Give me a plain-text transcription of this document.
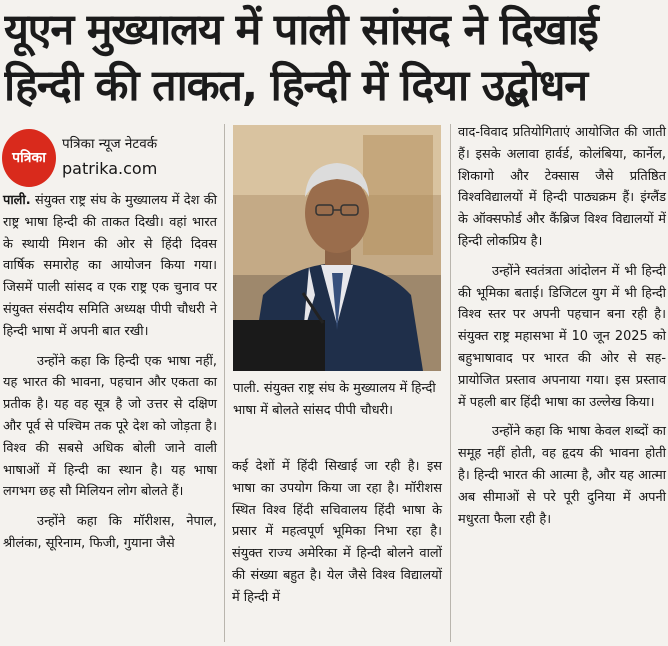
यूएन मुख्यालय में पाली सांसद ने दिखाई
हिन्दी की ताकत, हिन्दी में दिया उद्बोधन
पत्रिका
पत्रिका न्यूज नेटवर्क
patrika.com

पाली. संयुक्त राष्ट्र संघ के मुख्यालय में देश की राष्ट्र भाषा हिन्दी की ताकत दिखी। वहां भारत के स्थायी मिशन की ओर से हिंदी दिवस वार्षिक समारोह का आयोजन किया गया। जिसमें पाली सांसद व एक राष्ट्र एक चुनाव पर संयुक्त संसदीय समिति अध्यक्ष पीपी चौधरी ने हिन्दी भाषा में अपनी बात रखी।

उन्होंने कहा कि हिन्दी एक भाषा नहीं, यह भारत की भावना, पहचान और एकता का प्रतीक है। यह वह सूत्र है जो उत्तर से दक्षिण और पूर्व से पश्चिम तक पूरे देश को जोड़ता है। विश्व की सबसे अधिक बोली जाने वाली भाषाओं में हिन्दी का स्थान है। यह भाषा लगभग छह सौ मिलियन लोग बोलते हैं।

उन्होंने कहा कि मॉरीशस, नेपाल, श्रीलंका, सूरिनाम, फिजी, गुयाना जैसे

पाली. संयुक्त राष्ट्र संघ के मुख्यालय में हिन्दी भाषा में बोलते सांसद पीपी चौधरी।

कई देशों में हिंदी सिखाई जा रही है। इस भाषा का उपयोग किया जा रहा है। मॉरीशस स्थित विश्व हिंदी सचिवालय हिंदी भाषा के प्रसार में महत्वपूर्ण भूमिका निभा रहा है। संयुक्त राज्य अमेरिका में हिन्दी बोलने वालों की संख्या बहुत है। येल जैसे विश्व विद्यालयों में हिन्दी में

वाद-विवाद प्रतियोगिताएं आयोजित की जाती हैं। इसके अलावा हार्वर्ड, कोलंबिया, कार्नेल, शिकागो और टेक्सास जैसे प्रतिष्ठित विश्वविद्यालयों में हिन्दी पाठ्यक्रम हैं। इंग्लैंड के ऑक्सफोर्ड और कैंब्रिज विश्व विद्यालयों में हिन्दी लोकप्रिय है।

उन्होंने स्वतंत्रता आंदोलन में भी हिन्दी की भूमिका बताई। डिजिटल युग में भी हिन्दी विश्व स्तर पर अपनी पहचान बना रही है। संयुक्त राष्ट्र महासभा में 10 जून 2025 को बहुभाषावाद पर भारत की ओर से सह-प्रायोजित प्रस्ताव अपनाया गया। इस प्रस्ताव में पहली बार हिंदी भाषा का उल्लेख किया।

उन्होंने कहा कि भाषा केवल शब्दों का समूह नहीं होती, वह हृदय की भावना होती है। हिन्दी भारत की आत्मा है, और यह आत्मा अब सीमाओं से परे पूरी दुनिया में अपनी मधुरता फैला रही है।
